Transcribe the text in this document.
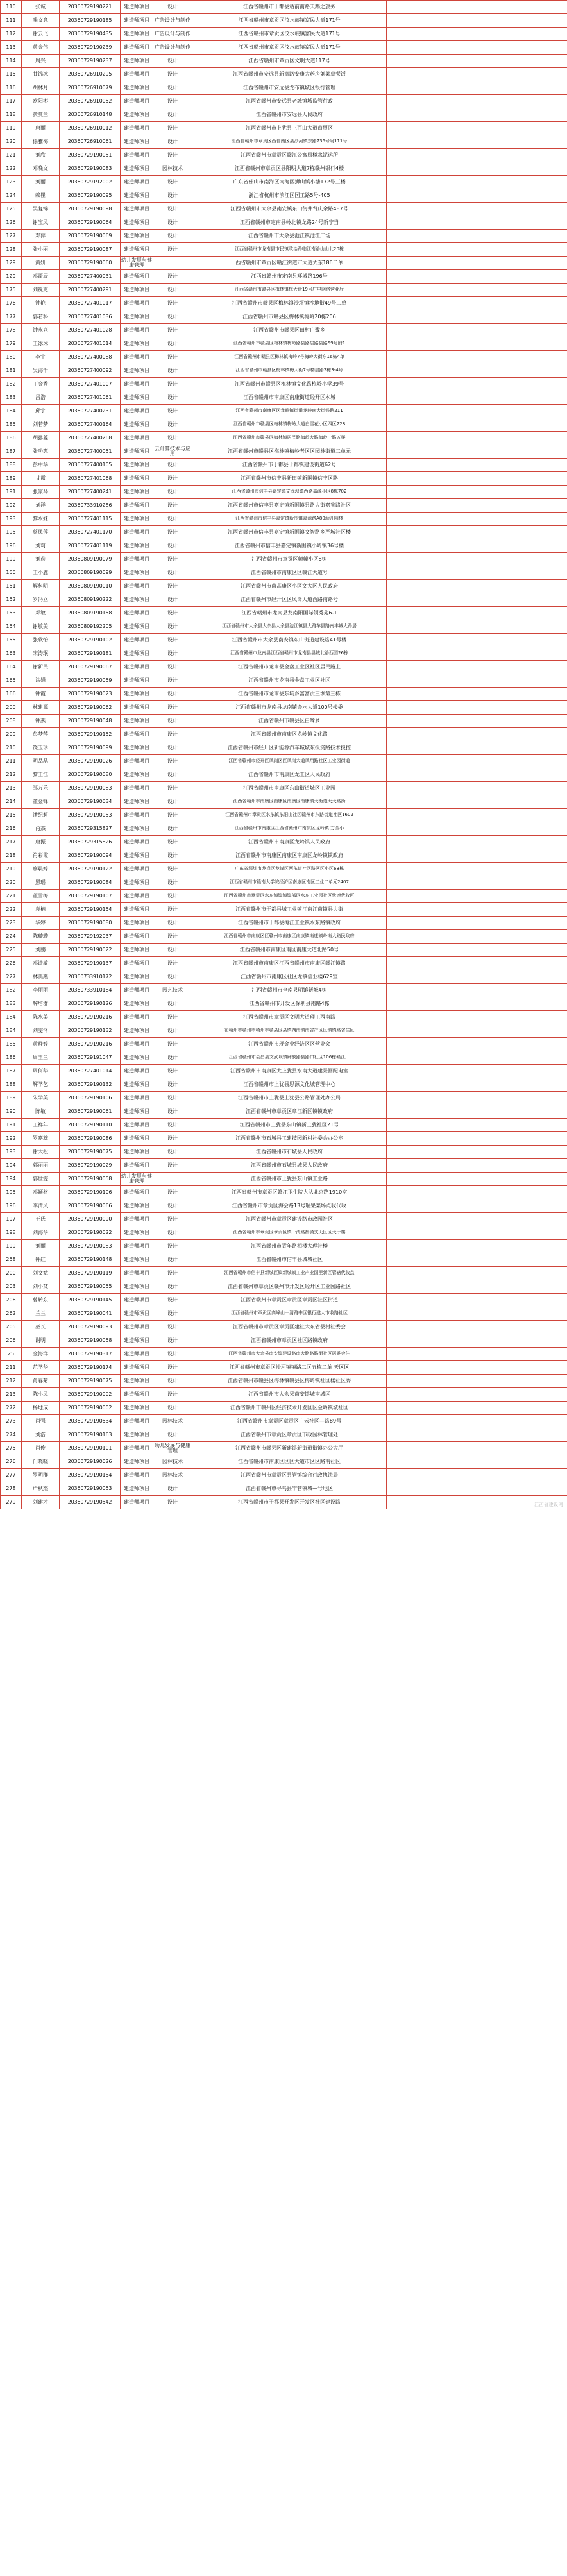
110	张诚	20360729190221	建造师项目	设计	江西省赣州市于都县站前南路天鹅之旅务	
111	喻文意	20360729190185	建造师项目	广告设计与制作	江西省赣州市章贡区汶水峡镇富民大道171号	
112	谢云飞	20360729190435	建造师项目	广告设计与制作	江西省赣州市章贡区汶水峡镇富民大道171号	
113	黄金伟	20360729190239	建造师项目	广告设计与制作	江西省赣州市章贡区汶水峡镇富民大道171号	
114	周兴	20360729190237	建造师项目	设计	江西省赣州市章贡区文明大道117号	
115	甘锦冰	20360726910295	建造师项目	设计	江西省赣州市安远县新篁路安康大药房刘菜草餐饭	
116	胡林月	20360726910079	建造师项目	设计	江西省赣州市安远县龙布镇城区银行管理	
117	欧阳彬	20360726910052	建造师项目	设计	江西省赣州市安远县老城镇城监管行政	
118	黄莫兰	20360726910148	建造师项目	设计	江西省赣州市安远县人民政府	
119	唐丽	20360726910012	建造师项目	设计	江西省赣州市上犹县三百山大道商贸区	
120	徐雅梅	20360726910061	建造师项目	设计	江西省赣州市章贡区西省南区县沙河镇东路736号附111号	
121	刘欣	20360729190051	建造师项目	设计	江西省赣州市章贡区赣江公寓局楼水泥运所	
122	邓晚文	20360729190083	建造师项目	园林技术	江西省赣州市章贡区县阳明大道7栋赣州银行4楼	
123	刘丽	20360729192002	建造师项目	设计	广东省佛山市南海区南海区狮山镇小塘172号三楼	
124	赖崔	20360729190095	建造师项目	设计	浙江省杭州市滨江区国工路5号-405	
125	吴复锦	20360729190098	建造师项目	设计	江西省赣州市大余县南安镇东山街井背庆余路487号	
126	谢宝凤	20360729190064	建造师项目	设计	江西省赣州市定南县岭北镇龙路24号新宁当	
127	邓萍	20360729190069	建造师项目	设计	江西省赣州市大余县池江镇池江广场	
128	张小丽	20360729190087	建造师项目	设计	江西省赣州市龙南县市民镇政治路临江南路山山北20栋	
129	黄妍	20360729190060	幼儿发展与健康管理		西省赣州市章贡区赣江街道市大道大东186二单	
129	邓哥辰	20360727400031	建造师项目	设计	江西省赣州市定南县环城路196号	
175	刘锐克	20360727400291	建造师项目	设计	江西省赣州市赣县区梅林镇梅大街19号广电网络营业厅	
176	钟艳	20360727401017	建造师项目	设计	江西省赣州市赣县区梅林镇沙坪镇沙地街49号二单	
177	郭若科	20360727401036	建造师项目	设计	江西省赣州市赣县区梅林镇梅岭20栋206	
178	钟永兴	20360727401028	建造师项目	设计	江西省赣州市赣县区田村白鹭乡	
179	王冰冰	20360727401014	建造师项目	设计	江西省赣州市赣县区梅林镇梅岭路县路居路县路59号附1	
180	李宇	20360727400088	建造师项目	设计	江西省赣州市赣县区梅林镇梅岭7号梅岭大街东16栋4单	
181	吴海千	20360727400092	建造师项目	设计	江西省赣州市赣县区梅林镇梅大街7号楼居路2栋3-4号	
182	丁金香	20360727401007	建造师项目	设计	江西省赣州市赣县区梅林镇文化路梅岭小学39号	
183	吕浩	20360727401061	建造师项目	设计	江西省赣州市南康区南康街道经开区木城	
184	邱宇	20360727400231	建造师项目	设计	江西省赣州市南康区区龙岭镇街道龙岭南大街铁路211	
185	刘若梦	20360727400164	建造师项目	设计	江西省赣州市赣县区梅林镇梅岭大道白雪花小区四区228	
186	胡露菱	20360727400268	建造师项目	设计	江西省赣州市赣县区梅林镇居民路梅岭大路梅岭一路五楼	
187	张功惠	20360727400051	建造师项目	云计算技术与应用	江西省赣州市赣县区梅林镇梅岭老区区园林街道二单元	
188	彭中华	20360727400105	建造师项目	设计	江西省赣州市于都县于都镇建设街道62号	
189	甘露	20360727401068	建造师项目	设计	江西省赣州市信丰县新田镇新围镇信丰区路	
191	张家马	20360727400241	建造师项目	设计	江西省赣州市信丰县嘉定镇文武坝镇西路嘉源小区8栋702	
192	刘洋	20360733910286	建造师项目	设计	江西省赣州市信丰县嘉定镇新围镇县路大街嘉宝路社区	
193	黎水妹	20360727401115	建造师项目	设计	江西省赣州市信丰县嘉定镇新围镇嘉源路A80幼儿园楼	
195	蔡凤莲	20360727401170	建造师项目	设计	江西省赣州市信丰县嘉定镇新围镇文智路乡严城社区楼	
196	刘莉	20360727401119	建造师项目	设计	江西省赣州市信丰县嘉定镇新围镇小岭镇36号楼	
199	刘彦	20360809190079	建造师项目	设计	江西省赣州市章贡区幢幢小区8栋	
150	王小鹿	20360809190099	建造师项目	设计	江西省赣州市南康区区赣江大道号	
151	解科明	20360809190010	建造师项目	设计	江西省赣州市南高康区小区文大区人民政府	
152	罗冯立	20360809190222	建造师项目	设计	江西省赣州市经开区区凤岗大道西路南路号	
153	邓敏	20360809190158	建造师项目	设计	江西省赣州市龙南县龙南阳国际领秀苑6-1	
154	谢敏美	20360809192205	建造师项目	设计	江西省赣州市大余县大余县大余县池江镇县大路车县路南丰城大路居	
155	张欣怡	20360729190102	建造师项目	设计	江西省赣州市大余县南安镇东山街道建设路41号楼	
163	宋涛珉	20360729190181	建造师项目	设计	江西省赣州市龙南县江西省赣州市龙南县县城北路西园26栋	
164	谢新民	20360729190067	建造师项目	设计	江西省赣州市龙南县金盘工业区社区居民路上	
165	涂娟	20360729190059	建造师项目	设计	江西省赣州市龙南县金盘工业区社区	
166	钟霞	20360729190023	建造师项目	设计	江西省赣州市龙南县东坑乡富富贡三坝第三栋	
200	林建源	20360729190062	建造师项目	设计	江西省赣州市龙南县龙南镇金水大道100号楼委	
208	钟燕	20360729190048	建造师项目	设计	江西省赣州市赣县区白鹭乡	
209	彭梦萍	20360729190152	建造师项目	设计	江西省赣州市南康区龙岭镇文化路	
210	饶玉珍	20360729190099	建造师项目	设计	江西省赣州市经开区新能源汽车城城东投资路技术投控	
211	明品晶	20360729190026	建造师项目	设计	江西省赣州市经开区凤岗区区凤岗大道凤翔路社区工业园街道	
212	黎王江	20360729190080	建造师项目	设计	江西省赣州市南康区龙王区人民政府	
213	邹万乐	20360729190083	建造师项目	设计	江西省赣州市南康区东山街道城区工业园	
214	董金锋	20360729190034	建造师项目	设计	江西省赣州市南康区南康区南康区南康镇大街道大大路街	
215	潘纪莉	20360729190053	建造师项目	设计	江西省赣州市章贡区水东镇东阳山社区赣州市东路街道社区1602	
216	肖杰	20360729315827	建造师项目	设计	江西省赣州市南康区江西省赣州市南康区龙岭镇 万全小	
217	唐振	20360729315826	建造师项目	设计	江西省赣州市南康区龙岭镇人民政府	
218	肖彩霞	20360729190094	建造师项目	设计	江西省赣州市南康区南康区南康区龙岭镇镇政府	
219	廖晨婷	20360729190122	建造师项目	设计	广东省深圳市龙岗区龙岗区西东道社区路区区小区68栋	
220	黑瑶	20360729190084	建造师项目	设计	江西省赣州市赣南大学院经济区南康区南区工业二单元2407	
221	董雪梅	20360729190107	建造师项目	设计	江西省赣州市章贡区水东镇镇镇镇部区水东工业园社区快速代收区	
222	袁楠	20360729190154	建造师项目	设计	江西省赣州市于都县城工业镇江南江南镇县大街	
223	华婷	20360729190080	建造师项目	设计	江西省赣州市于都县梅江工业镇水东路镇政府	
224	陈璇璇	20360729192037	建造师项目	设计	江西省赣州市南康区区赣州市南康区南康镇南康镇岭南大路民政府	
225	刘鹏	20360729190022	建造师项目	设计	江西省赣州市南康区南区南康大道北路50号	
226	邓诗敏	20360729190137	建造师项目	设计	江西省赣州市南康区江西省赣州市南康区赣江镇路	
227	林美燕	20360733910172	建造师项目	设计	江西省赣州市南康区社区龙镇信业楼629室	
182	李丽丽	20360733910184	建造师项目	园艺技术	江西省赣州市全南县明镇新城4栋	
183	解培群	20360729190126	建造师项目	设计	江西省赣州市开发区保利县南路4栋	
184	陈水美	20360729190216	建造师项目	设计	江西省赣州市章贡区文明大道理工西南路	
184	刘雯泽	20360729190132	建造师项目	设计	在赣州市赣州市赣州市赣县区县镇湖南镇南省产区区镇镇路省住区	
185	黄静婷	20360729190216	建造师项目	设计	江西省赣州市现金业经济区区营业会	
186	周玉兰	20360729191047	建造师项目	设计	江西省赣州市会昌县文武坝镇解放路县路口社区106栋赣江厂	
187	周何华	20360727401014	建造师项目	设计	江西省赣州市南康区太上犹县水南大道建景圆配电室	
188	解学乞	20360729190132	建造师项目	设计	江西省赣州市上犹县思源文化城管理中心	
189	朱学英	20360729190106	建造师项目	设计	江西省赣州市上犹县上犹县公路管理处办公局	
190	陈敏	20360729190061	建造师项目	设计	江西省赣州市章贡区章江新区镇镇政府	
191	王祥年	20360729190110	建造师项目	设计	江西省赣州市上犹县东山镇新上犹社区21号	
192	罗嘉雄	20360729190086	建造师项目	设计	江西省赣州市石城县工建技园新村社委会办公室	
193	谢大松	20360729190075	建造师项目	设计	江西省赣州市石城县人民政府	
194	郭丽丽	20360729190029	建造师项目	设计	江西省赣州市石城县城县人民政府	
194	郭世雯	20360729190058	幼儿发展与健康管理		江西省赣州市上犹县东山镇工业路	
195	邓颖材	20360729190106	建造师项目	设计	江西省赣州市章贡区赣江卫生院大队北京路1910室	
196	李清风	20360729190066	建造师项目	设计	江西省赣州市章贡区海会路13号瑞果菜场点收代收	
197	王氏	20360729190090	建造师项目	设计	江西省赣州市章贡区建设路市政园社区	
198	刘海华	20360729190022	建造师项目	设计	江西省赣州市章贡区章贡区镇一清路都赣支天区区大厅楼	
199	刘丽	20360729190083	建造师项目	设计	江西省赣州市青年路相楼大理社楼	
258	钟红	20360729190148	建造师项目	设计	江西省赣州市信丰县城城社区	
200	刘文斌	20360729190119	建造师项目	设计	江西省赣州市信丰县新城区镇新城镇工业产业园里新区管辖代收点	
203	刘小艾	20360729190055	建造师项目	设计	江西省赣州市章贡区赣州市开发区经开区工业园路社区	
206	曾转东	20360729190145	建造师项目	设计	江西省赣州市章贡区章贡区章贡区社区街道	
262	兰兰	20360729190041	建造师项目	设计	江西省赣州市章贡区高峰山一清路中区银行建大市收路社区	
205	巫长	20360729190093	建造师项目	设计	江西省赣州市章贡区章贡区建社大东省县村社委会	
206	谢明	20360729190058	建造师项目	设计	江西省赣州市章贡区社区路镇政府	
25	金海洋	20360729190317	建造师项目	设计	江西省赣州市大余县南安镇建设路南大路路路街社区居委会住	
211	范学华	20360729190174	建造师项目	设计	江西省赣州市章贡区沙河镇镇路二区五栋二单 天区区	
212	肖春菊	20360729190075	建造师项目	设计	江西省赣州市赣县区梅林镇赣县区梅岭镇社区楼社区委	
213	陈小凤	20360729190002	建造师项目	设计	江西省赣州市大余县南安镇城南城区	
272	杨地成	20360729190002	建造师项目	设计	江西省赣州市赣州区经济技术开发区区金岭镇城社区	
273	肖强	20360729190534	建造师项目	园林技术	江西省赣州市章贡区章贡区白云社区—路89号	
274	刘浩	20360729190163	建造师项目	设计	江西省赣州市章贡区章贡区市政园林管理处	
275	肖俊	20360729190101	建造师项目	幼儿发展与健康管理	江西省赣州市赣县区新建镇新街道街镇办公大厅	
276	门晓晓	20360729190026	建造师项目	园林技术	江西省赣州市南康区区区大道市区区路南社区	
277	罗明群	20360729190154	建造师项目	园林技术	江西省赣州市章贡区县管镇综合行政执法局	
278	严秋杰	20360729190053	建造师项目	设计	江西省赣州市寻乌县宁管镇城—号地区	
279	刘建才	20360729190542	建造师项目	设计	江西省赣州市于都县开发区开发区社区建设路	
江西省建设网
